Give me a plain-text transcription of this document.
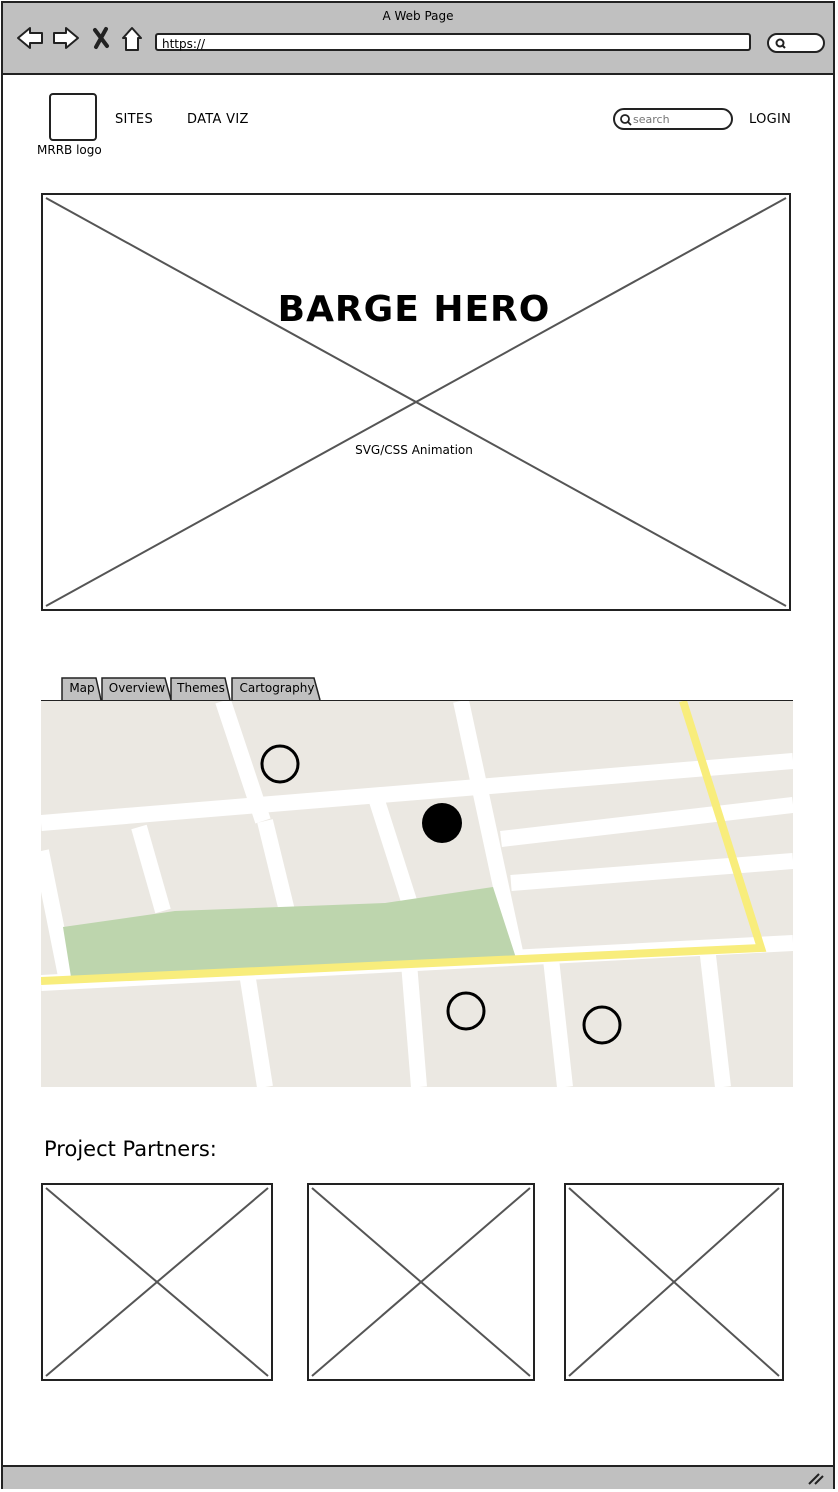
A Web Page
https://
MRRB logo
SITES	DATA VIZ
search	LOGIN
BARGE HERO
SVG/CSS Animation
Map	Overview Themes	Cartography
Project Partners:
